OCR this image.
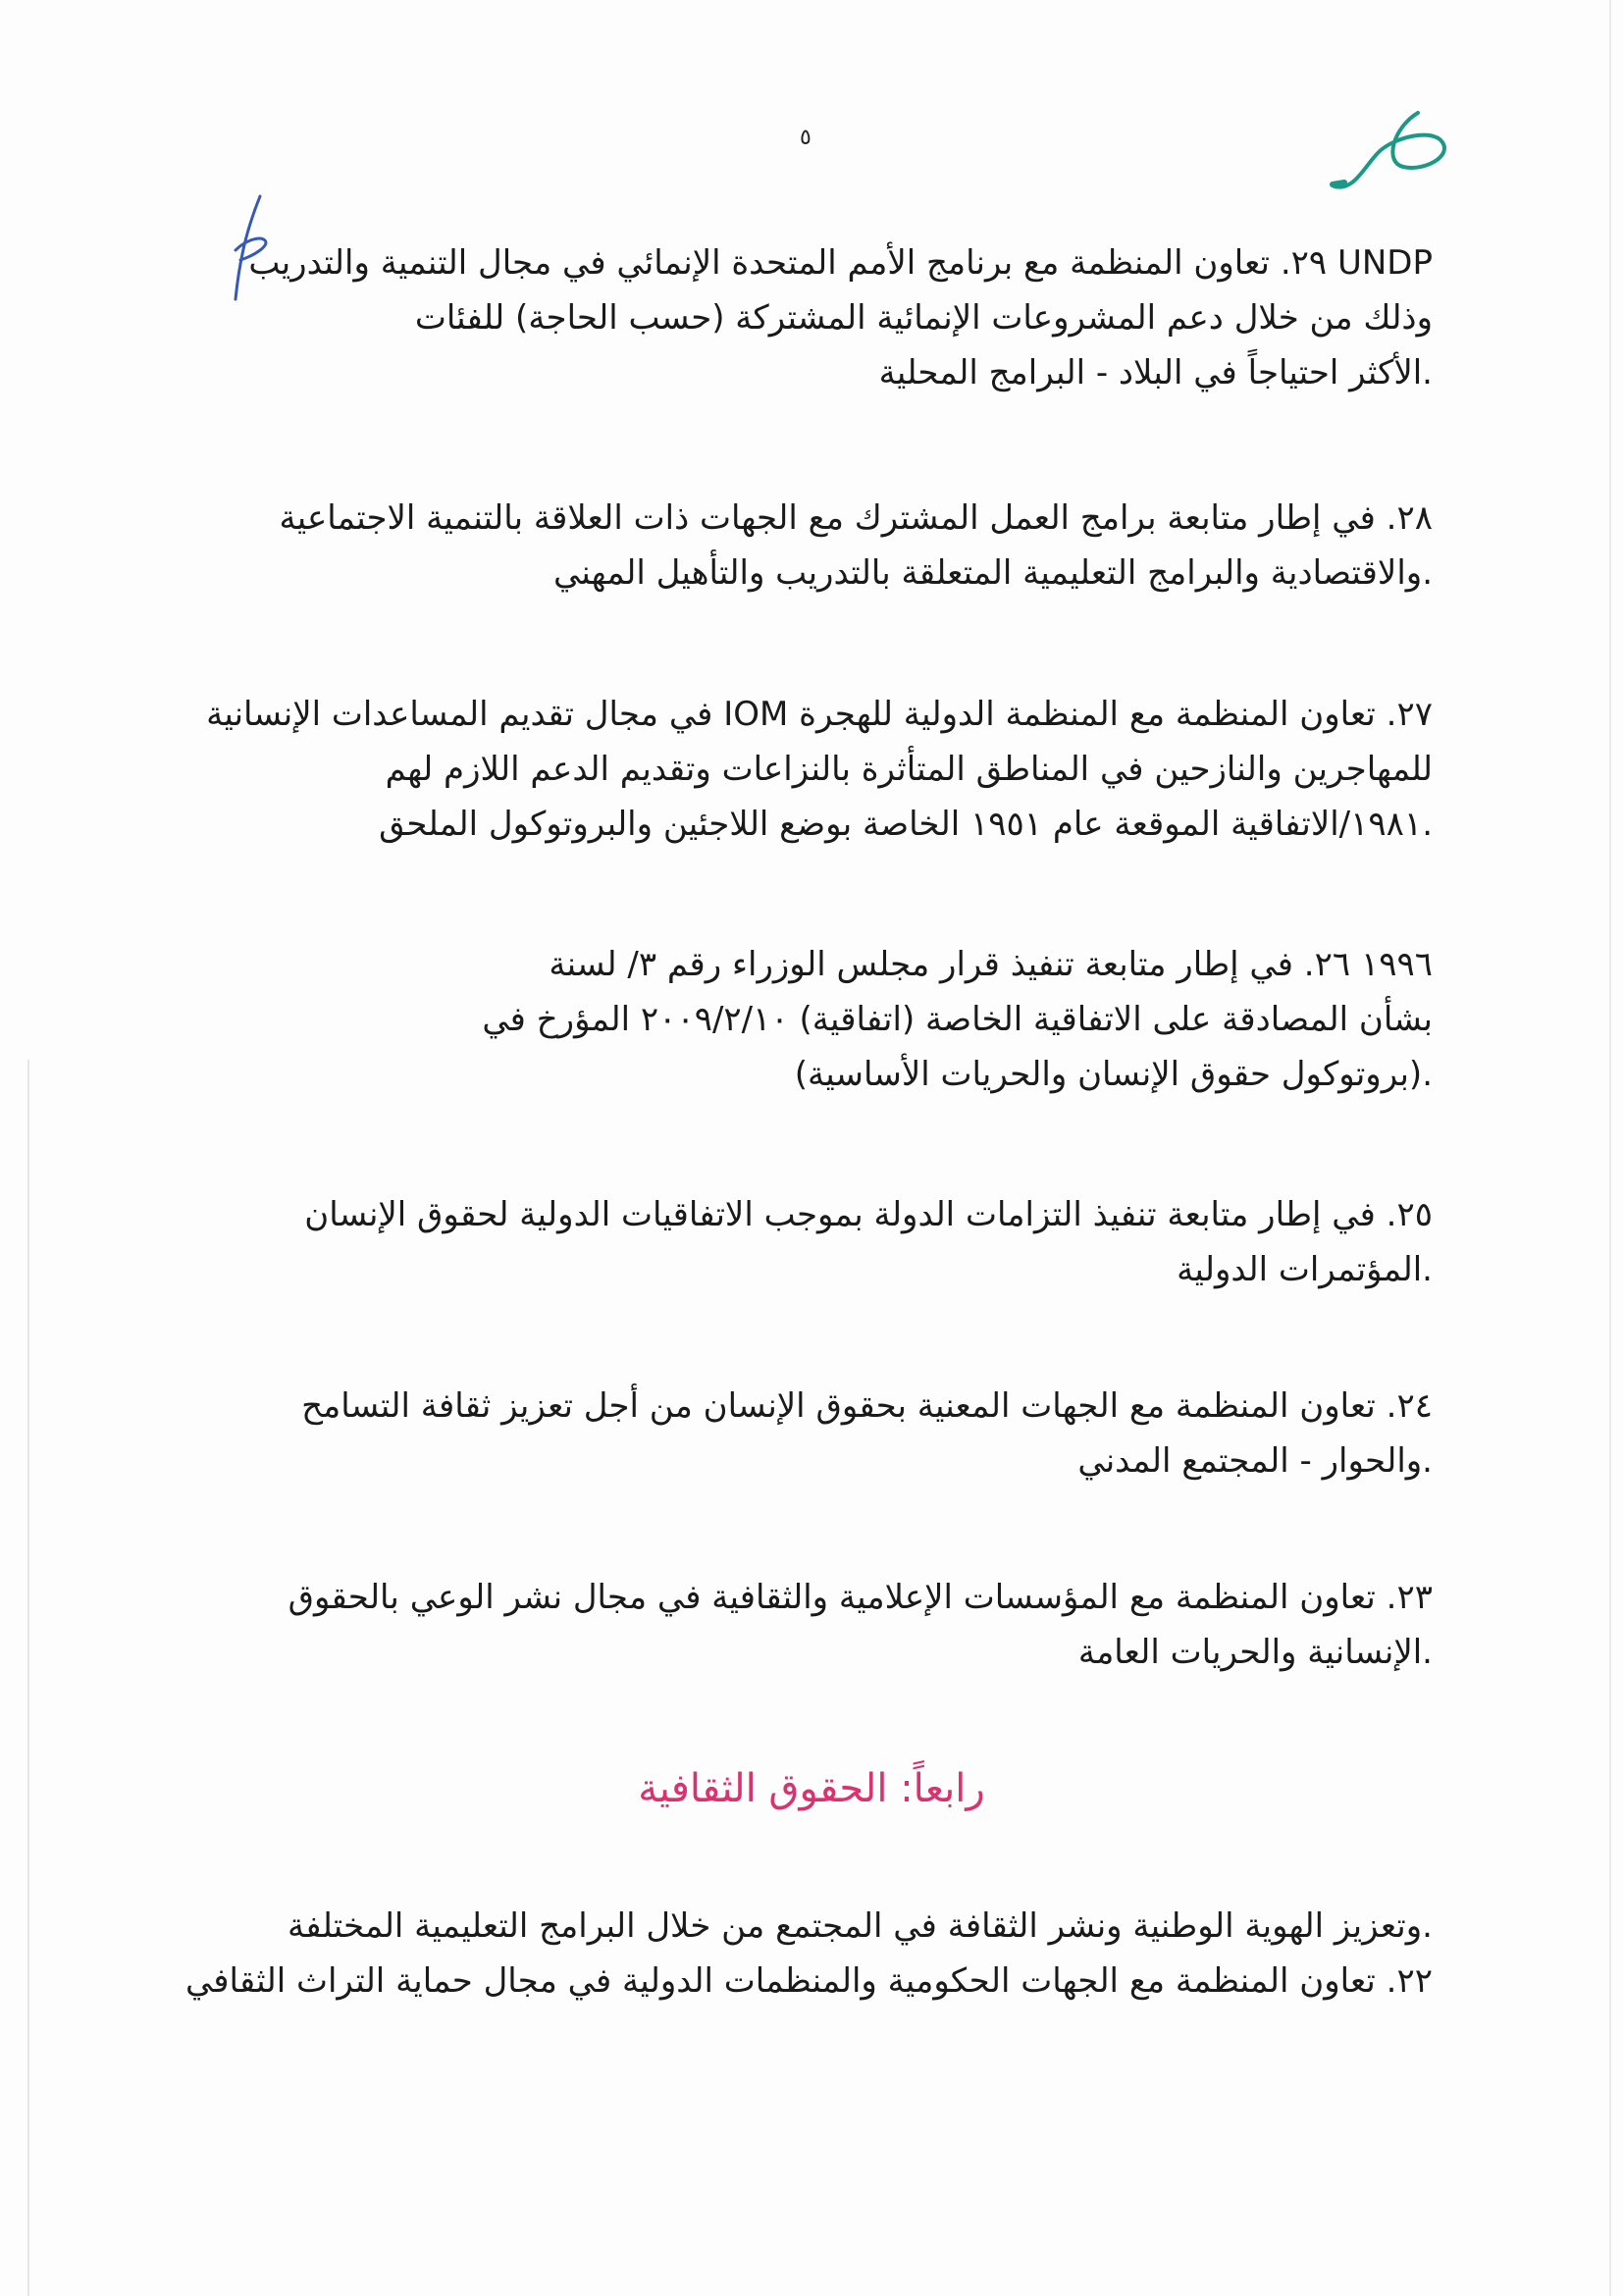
٥
UNDP ٢٩. تعاون المنظمة مع برنامج الأمم المتحدة الإنمائي في مجال التنمية والتدريب
وذلك من خلال دعم المشروعات الإنمائية المشتركة (حسب الحاجة) للفئات
.الأكثر احتياجاً في البلاد - البرامج المحلية
٢٨. في إطار متابعة برامج العمل المشترك مع الجهات ذات العلاقة بالتنمية الاجتماعية
.والاقتصادية والبرامج التعليمية المتعلقة بالتدريب والتأهيل المهني
٢٧. تعاون المنظمة مع المنظمة الدولية للهجرة IOM في مجال تقديم المساعدات الإنسانية
للمهاجرين والنازحين في المناطق المتأثرة بالنزاعات وتقديم الدعم اللازم لهم
.١٩٨١/الاتفاقية الموقعة عام ١٩٥١ الخاصة بوضع اللاجئين والبروتوكول الملحق
١٩٩٦ ٢٦. في إطار متابعة تنفيذ قرار مجلس الوزراء رقم ٣/ لسنة
بشأن المصادقة على الاتفاقية الخاصة (اتفاقية) ٢٠٠٩/٢/١٠ المؤرخ في
.(بروتوكول حقوق الإنسان والحريات الأساسية)
٢٥. في إطار متابعة تنفيذ التزامات الدولة بموجب الاتفاقيات الدولية لحقوق الإنسان
.المؤتمرات الدولية
٢٤. تعاون المنظمة مع الجهات المعنية بحقوق الإنسان من أجل تعزيز ثقافة التسامح
.والحوار - المجتمع المدني
٢٣. تعاون المنظمة مع المؤسسات الإعلامية والثقافية في مجال نشر الوعي بالحقوق
.الإنسانية والحريات العامة
رابعاً: الحقوق الثقافية
.وتعزيز الهوية الوطنية ونشر الثقافة في المجتمع من خلال البرامج التعليمية المختلفة
٢٢. تعاون المنظمة مع الجهات الحكومية والمنظمات الدولية في مجال حماية التراث الثقافي
